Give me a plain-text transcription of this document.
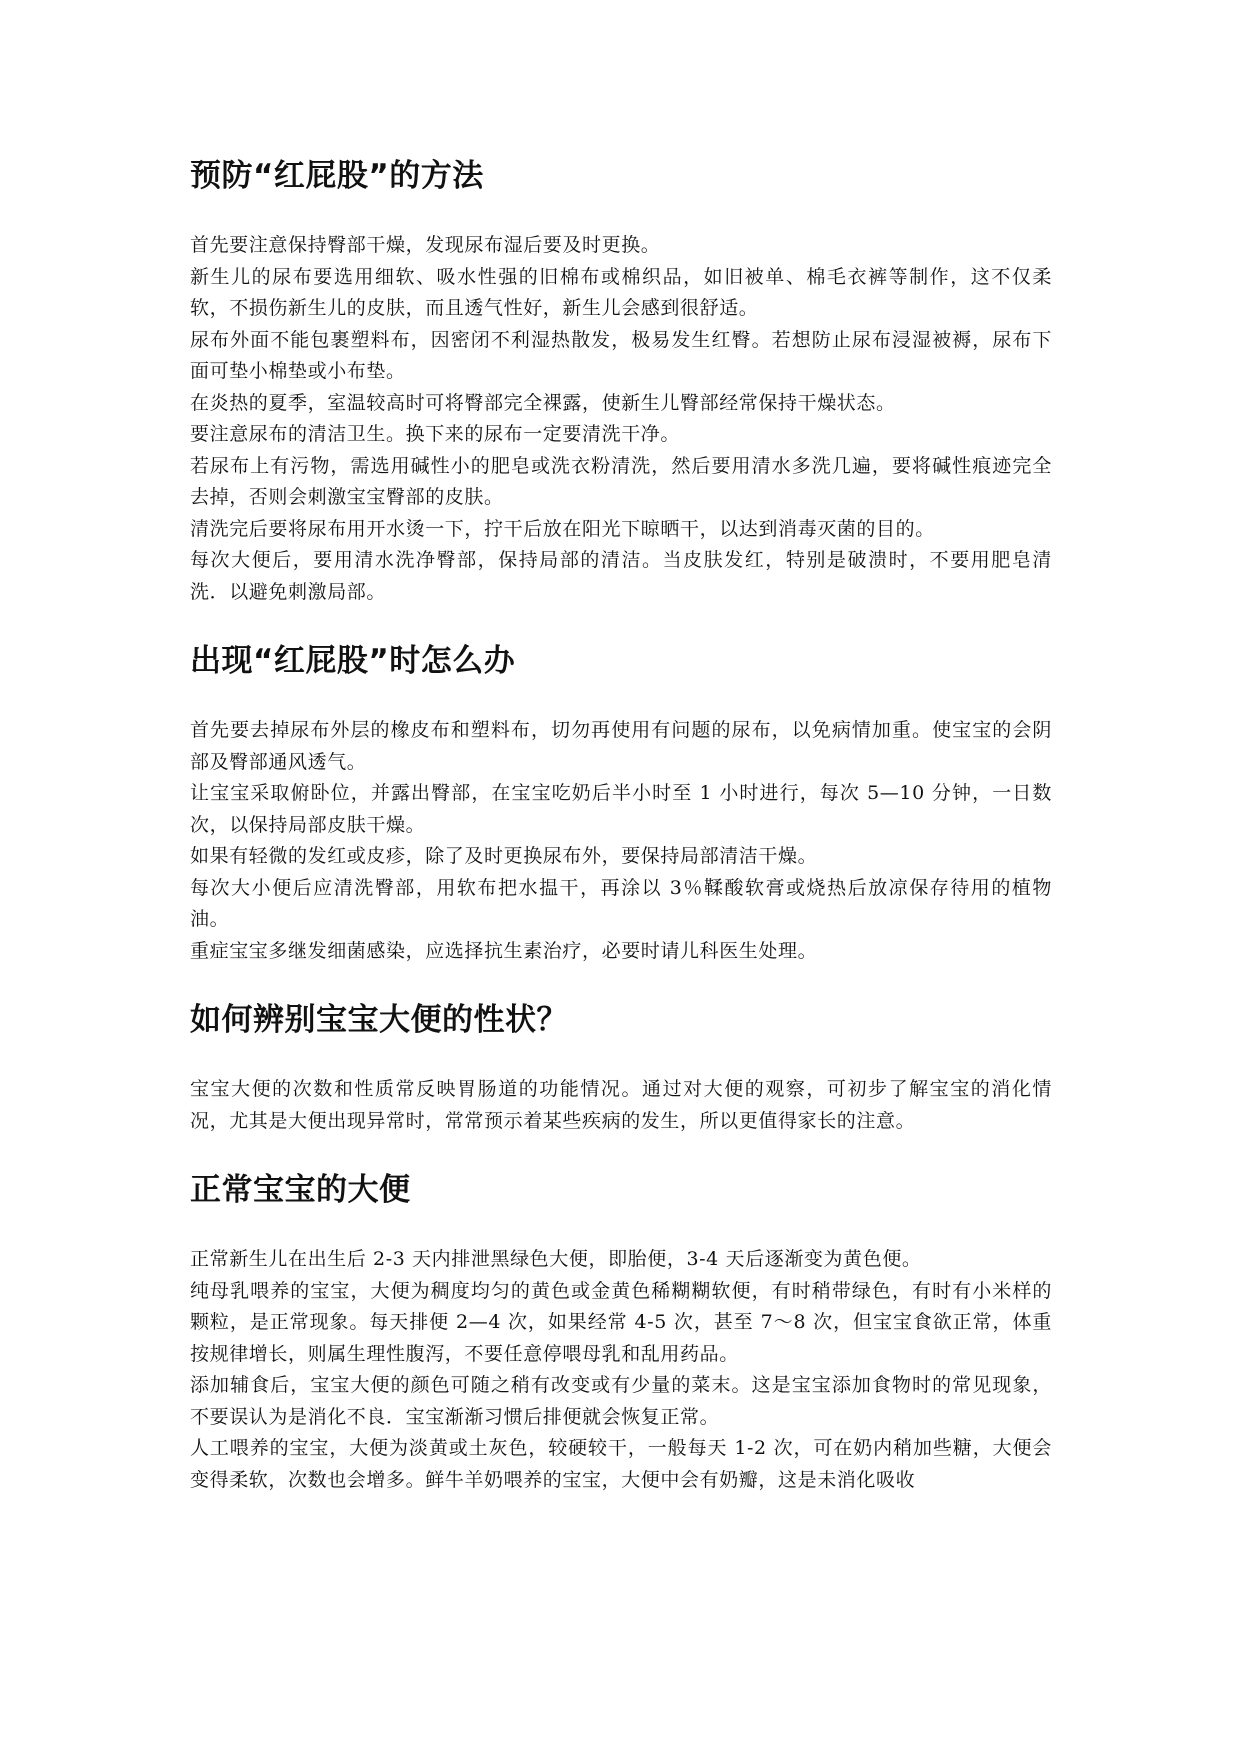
预防“红屁股”的方法

首先要注意保持臀部干燥，发现尿布湿后要及时更换。

新生儿的尿布要选用细软、吸水性强的旧棉布或棉织品，如旧被单、棉毛衣裤等制作，这不仅柔软，不损伤新生儿的皮肤，而且透气性好，新生儿会感到很舒适。

尿布外面不能包裹塑料布，因密闭不利湿热散发，极易发生红臀。若想防止尿布浸湿被褥，尿布下面可垫小棉垫或小布垫。

在炎热的夏季，室温较高时可将臀部完全裸露，使新生儿臀部经常保持干燥状态。

要注意尿布的清洁卫生。换下来的尿布一定要清洗干净。

若尿布上有污物，需选用碱性小的肥皂或洗衣粉清洗，然后要用清水多洗几遍，要将碱性痕迹完全去掉，否则会刺激宝宝臀部的皮肤。

清洗完后要将尿布用开水烫一下，拧干后放在阳光下晾晒干，以达到消毒灭菌的目的。

每次大便后，要用清水洗净臀部，保持局部的清洁。当皮肤发红，特别是破溃时，不要用肥皂清洗．以避免刺激局部。

出现“红屁股”时怎么办

首先要去掉尿布外层的橡皮布和塑料布，切勿再使用有问题的尿布，以免病情加重。使宝宝的会阴部及臀部通风透气。

让宝宝采取俯卧位，并露出臀部，在宝宝吃奶后半小时至 1 小时进行，每次 5—10 分钟，一日数次，以保持局部皮肤干燥。

如果有轻微的发红或皮疹，除了及时更换尿布外，要保持局部清洁干燥。

每次大小便后应清洗臀部，用软布把水揾干，再涂以 3％鞣酸软膏或烧热后放凉保存待用的植物油。

重症宝宝多继发细菌感染，应选择抗生素治疗，必要时请儿科医生处理。

如何辨别宝宝大便的性状？

宝宝大便的次数和性质常反映胃肠道的功能情况。通过对大便的观察，可初步了解宝宝的消化情况，尤其是大便出现异常时，常常预示着某些疾病的发生，所以更值得家长的注意。

正常宝宝的大便

正常新生儿在出生后 2-3 天内排泄黑绿色大便，即胎便，3-4 天后逐渐变为黄色便。

纯母乳喂养的宝宝，大便为稠度均匀的黄色或金黄色稀糊糊软便，有时稍带绿色，有时有小米样的颗粒，是正常现象。每天排便 2—4 次，如果经常 4-5 次，甚至 7～8 次，但宝宝食欲正常，体重按规律增长，则属生理性腹泻，不要任意停喂母乳和乱用药品。

添加辅食后，宝宝大便的颜色可随之稍有改变或有少量的菜末。这是宝宝添加食物时的常见现象，不要误认为是消化不良．宝宝渐渐习惯后排便就会恢复正常。

人工喂养的宝宝，大便为淡黄或土灰色，较硬较干，一般每天 1-2 次，可在奶内稍加些糖，大便会变得柔软，次数也会增多。鲜牛羊奶喂养的宝宝，大便中会有奶瓣，这是未消化吸收
